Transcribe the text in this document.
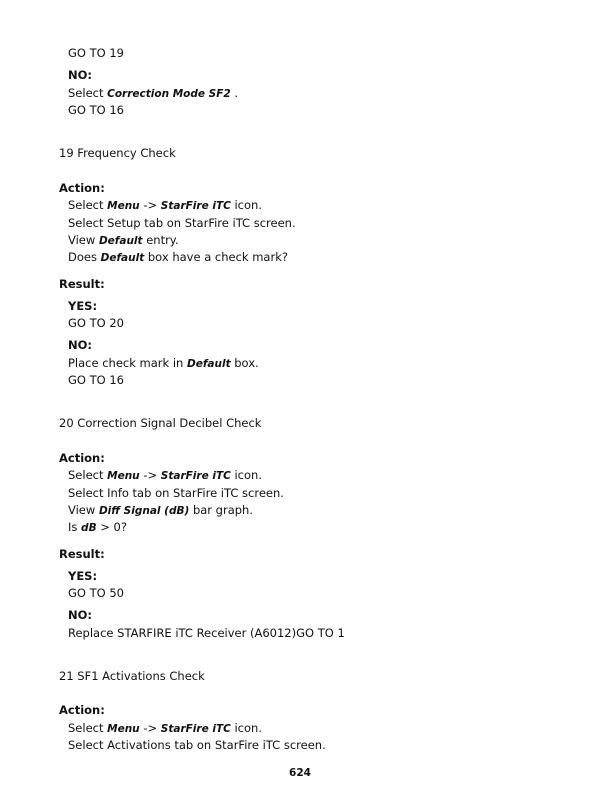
GO TO 19
NO:
Select Correction Mode SF2 .
GO TO 16
19 Frequency Check
Action:
Select Menu -> StarFire iTC icon.
Select Setup tab on StarFire iTC screen.
View Default entry.
Does Default box have a check mark?
Result:
YES:
GO TO 20
NO:
Place check mark in Default box.
GO TO 16
20 Correction Signal Decibel Check
Action:
Select Menu -> StarFire iTC icon.
Select Info tab on StarFire iTC screen.
View Diff Signal (dB) bar graph.
Is dB > 0?
Result:
YES:
GO TO 50
NO:
Replace STARFIRE iTC Receiver (A6012)GO TO 1
21 SF1 Activations Check
Action:
Select Menu -> StarFire iTC icon.
Select Activations tab on StarFire iTC screen.
624
